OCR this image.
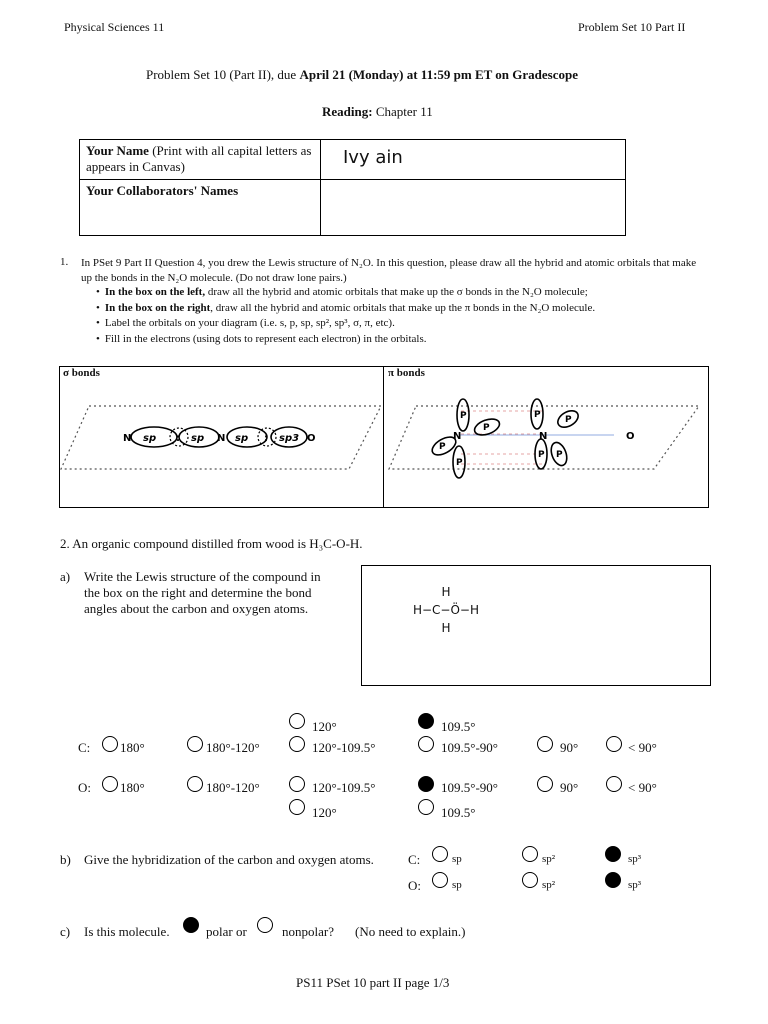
Physical Sciences 11	Problem Set 10 Part II
Problem Set 10 (Part II), due April 21 (Monday) at 11:59 pm ET on Gradescope
Reading: Chapter 11
Your Name (Print with all capital letters as appears in Canvas)	Ivy ain
Your Collaborators' Names	
1. In PSet 9 Part II Question 4, you drew the Lewis structure of N₂O. In this question, please draw all the hybrid and atomic orbitals that make up the bonds in the N₂O molecule. (Do not draw lone pairs.)
• In the box on the left, draw all the hybrid and atomic orbitals that make up the σ bonds in the N₂O molecule;
• In the box on the right, draw all the hybrid and atomic orbitals that make up the π bonds in the N₂O molecule.
• Label the orbitals on your diagram (i.e. s, p, sp, sp², sp³, σ, π, etc).
• Fill in the electrons (using dots to represent each electron) in the orbitals.
σ bonds	π bonds
N sp : sp N sp : sp3 O
P
P
P
P
P
P
P
P
N	N	O
2. An organic compound distilled from wood is H₃C-O-H.
a) Write the Lewis structure of the compound in
the box on the right and determine the bond
angles about the carbon and oxygen atoms.
H
H−C−Ö−H
H
120°	109.5°
C: 180°	180°-120°	120°-109.5°	109.5°-90°	90°	< 90°
O: 180°	180°-120°	120°-109.5°	109.5°-90°	90°	< 90°
120°	109.5°
b) Give the hybridization of the carbon and oxygen atoms.	C:	sp	sp²	sp³
O:	sp	sp²	sp³
c) Is this molecule.	polar or	nonpolar? (No need to explain.)
PS11 PSet 10 part II page 1/3
